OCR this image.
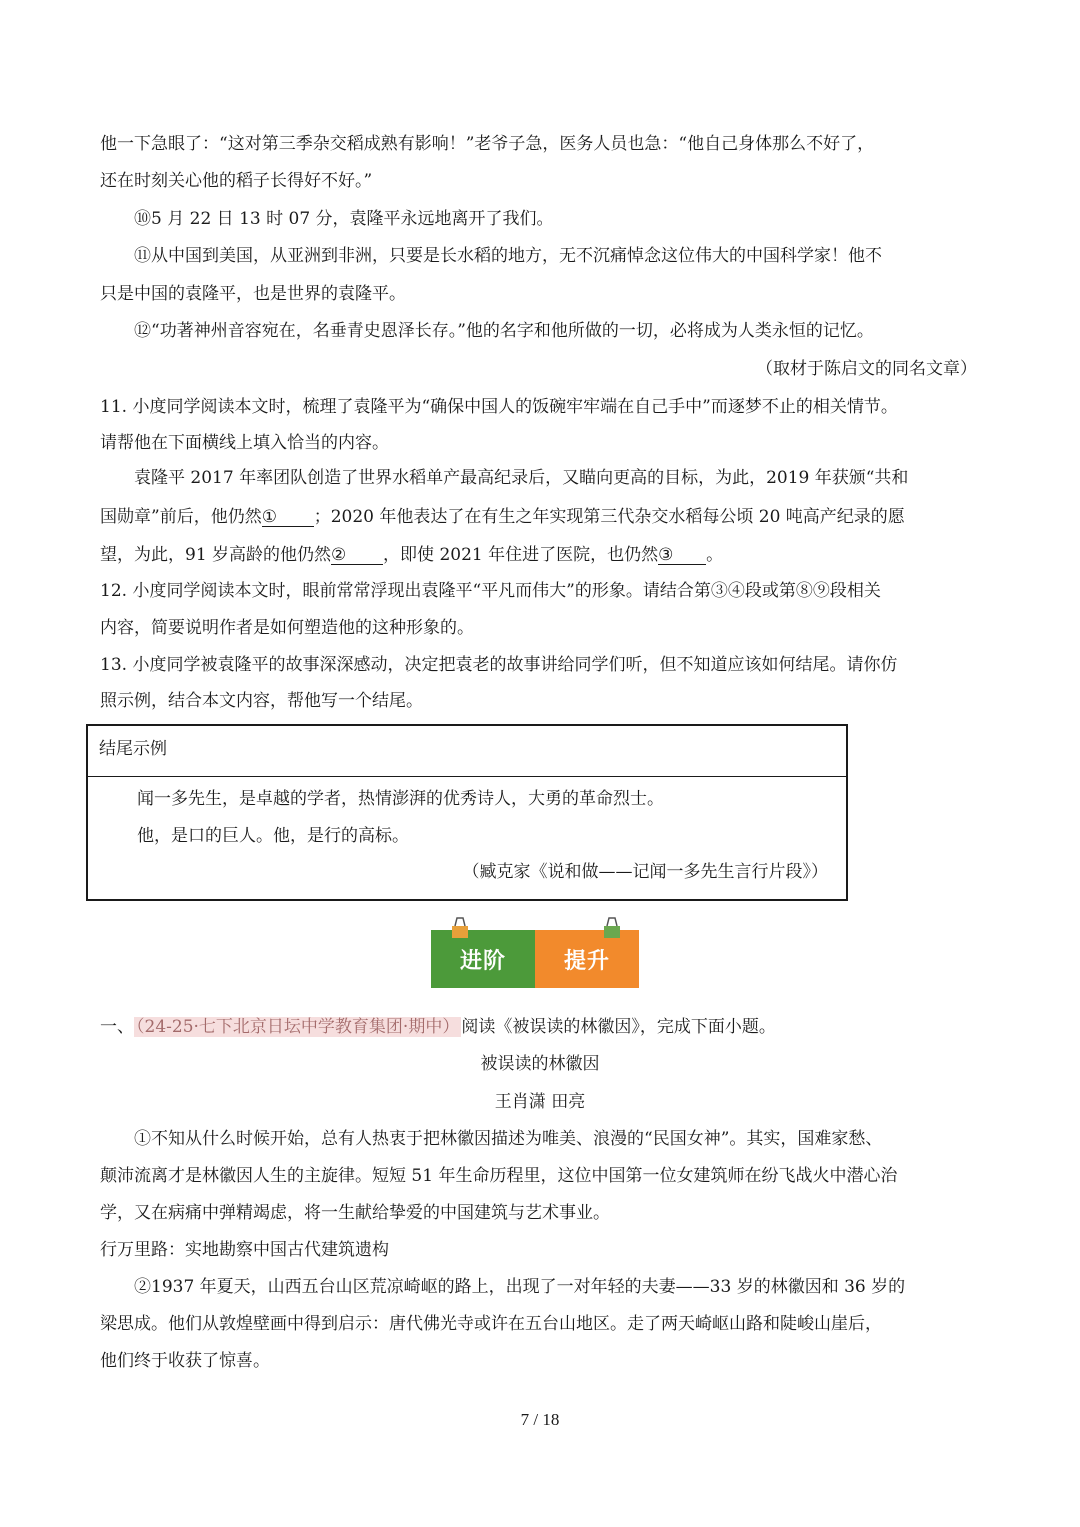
他一下急眼了：“这对第三季杂交稻成熟有影响！”老爷子急，医务人员也急：“他自己身体那么不好了，
还在时刻关心他的稻子长得好不好。”
⑩5 月 22 日 13 时 07 分，袁隆平永远地离开了我们。
⑪从中国到美国，从亚洲到非洲，只要是长水稻的地方，无不沉痛悼念这位伟大的中国科学家！他不
只是中国的袁隆平，也是世界的袁隆平。
⑫“功著神州音容宛在，名垂青史恩泽长存。”他的名字和他所做的一切，必将成为人类永恒的记忆。
（取材于陈启文的同名文章）
11. 小度同学阅读本文时，梳理了袁隆平为“确保中国人的饭碗牢牢端在自己手中”而逐梦不止的相关情节。
请帮他在下面横线上填入恰当的内容。
袁隆平 2017 年率团队创造了世界水稻单产最高纪录后，又瞄向更高的目标，为此，2019 年获颁“共和
国勋章”前后，他仍然① ；2020 年他表达了在有生之年实现第三代杂交水稻每公顷 20 吨高产纪录的愿
望，为此，91 岁高龄的他仍然② ，即使 2021 年住进了医院，也仍然③ 。
12. 小度同学阅读本文时，眼前常常浮现出袁隆平“平凡而伟大”的形象。请结合第③④段或第⑧⑨段相关
内容，简要说明作者是如何塑造他的这种形象的。
13. 小度同学被袁隆平的故事深深感动，决定把袁老的故事讲给同学们听，但不知道应该如何结尾。请你仿
照示例，结合本文内容，帮他写一个结尾。
结尾示例
闻一多先生，是卓越的学者，热情澎湃的优秀诗人，大勇的革命烈士。
他，是口的巨人。他，是行的高标。
（臧克家《说和做——记闻一多先生言行片段》）
进阶	提升
一、 （24-25·七下北京日坛中学教育集团·期中） 阅读《被误读的林徽因》，完成下面小题。
被误读的林徽因
王肖潇 田亮
①不知从什么时候开始，总有人热衷于把林徽因描述为唯美、浪漫的“民国女神”。其实，国难家愁、
颠沛流离才是林徽因人生的主旋律。短短 51 年生命历程里，这位中国第一位女建筑师在纷飞战火中潜心治
学，又在病痛中弹精竭虑，将一生献给挚爱的中国建筑与艺术事业。
行万里路：实地勘察中国古代建筑遗构
②1937 年夏天，山西五台山区荒凉崎岖的路上，出现了一对年轻的夫妻——33 岁的林徽因和 36 岁的
梁思成。他们从敦煌壁画中得到启示：唐代佛光寺或许在五台山地区。走了两天崎岖山路和陡峻山崖后，
他们终于收获了惊喜。
7 / 18
